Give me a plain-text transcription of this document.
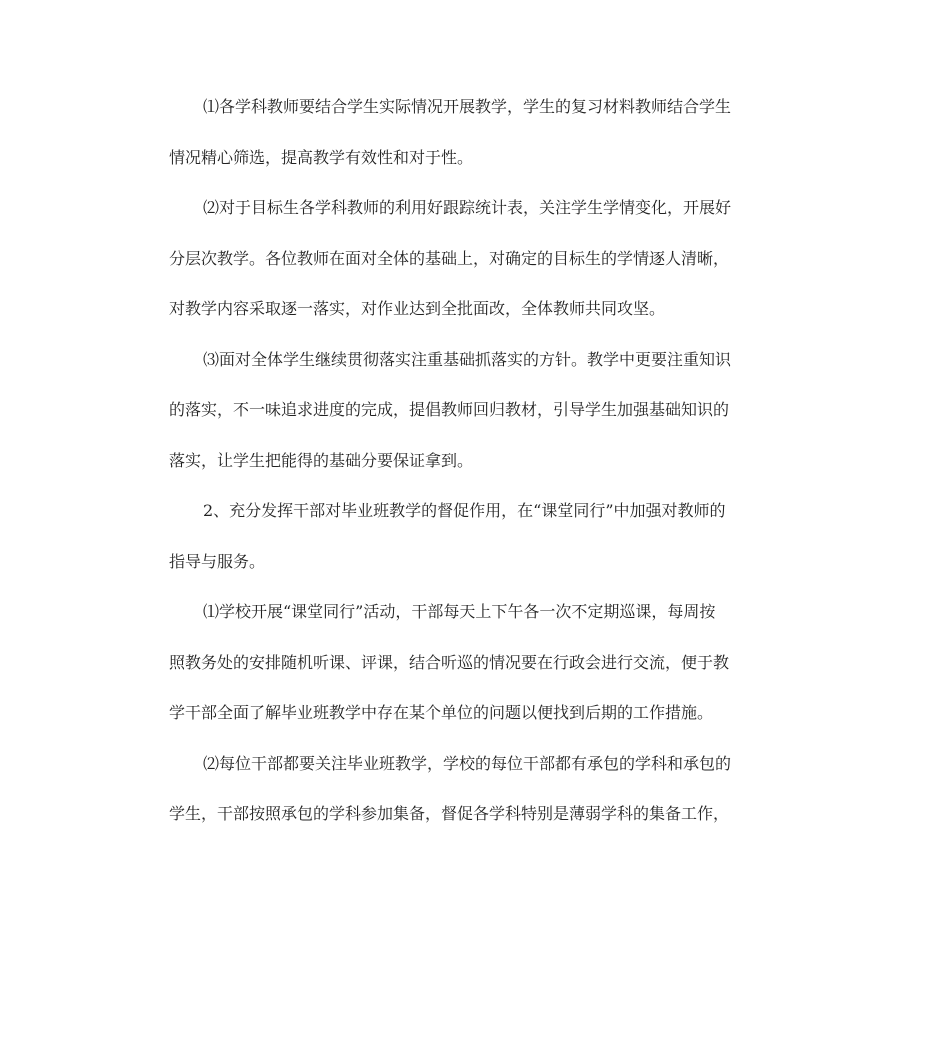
⑴各学科教师要结合学生实际情况开展教学，学生的复习材料教师结合学生
情况精心筛选，提高教学有效性和对于性。
⑵对于目标生各学科教师的利用好跟踪统计表，关注学生学情变化，开展好
分层次教学。各位教师在面对全体的基础上，对确定的目标生的学情逐人清晰，
对教学内容采取逐一落实，对作业达到全批面改，全体教师共同攻坚。
⑶面对全体学生继续贯彻落实注重基础抓落实的方针。教学中更要注重知识
的落实，不一味追求进度的完成，提倡教师回归教材，引导学生加强基础知识的
落实，让学生把能得的基础分要保证拿到。
2、充分发挥干部对毕业班教学的督促作用，在“课堂同行”中加强对教师的
指导与服务。
⑴学校开展“课堂同行”活动，干部每天上下午各一次不定期巡课，每周按
照教务处的安排随机听课、评课，结合听巡的情况要在行政会进行交流，便于教
学干部全面了解毕业班教学中存在某个单位的问题以便找到后期的工作措施。
⑵每位干部都要关注毕业班教学，学校的每位干部都有承包的学科和承包的
学生，干部按照承包的学科参加集备，督促各学科特别是薄弱学科的集备工作，
